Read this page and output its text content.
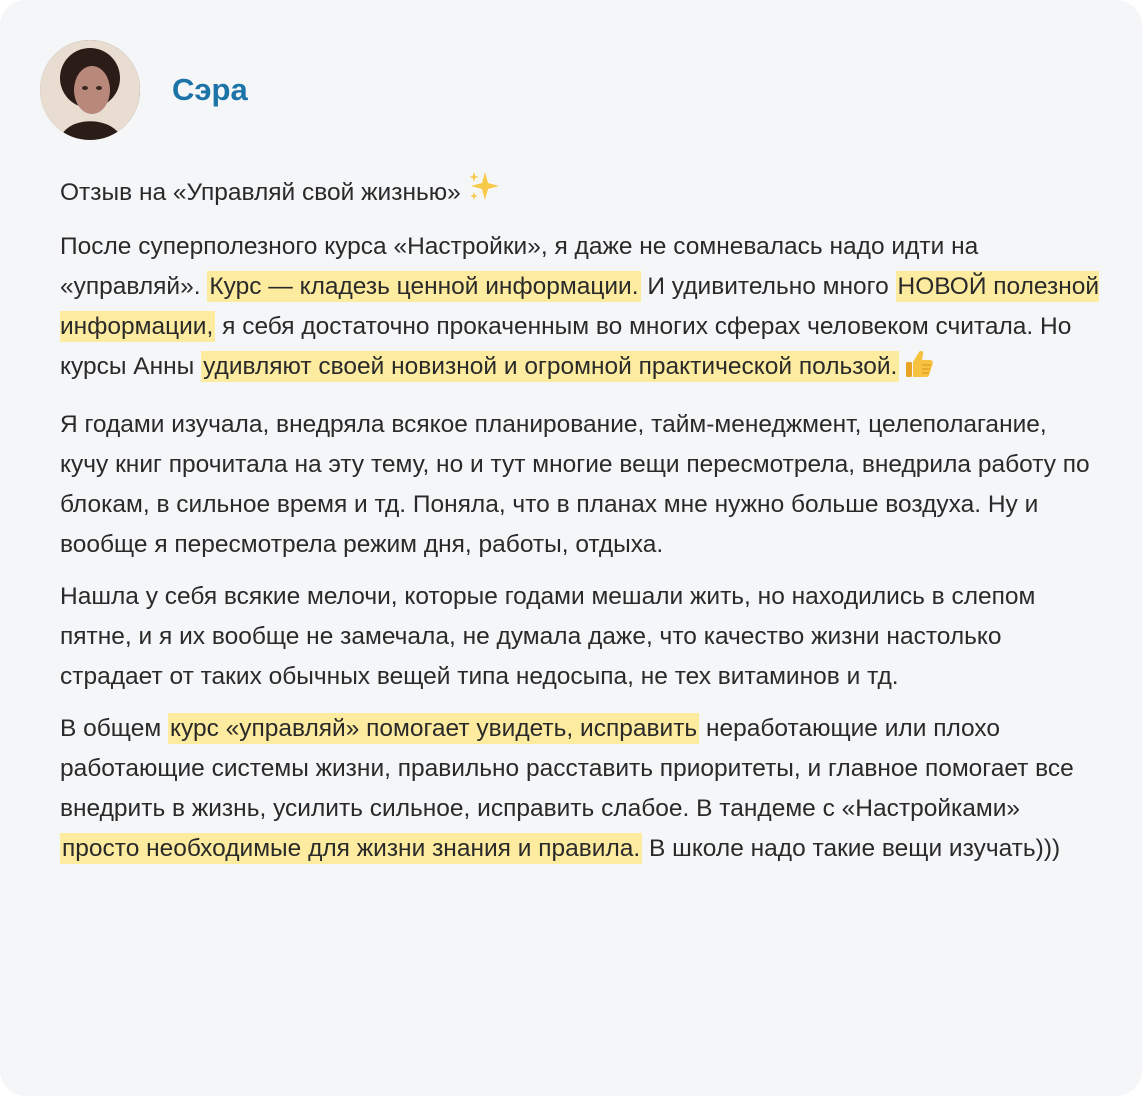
Сэра

Отзыв на «Управляй свой жизнью»

После суперполезного курса «Настройки», я даже не сомневалась надо идти на «управляй». Курс — кладезь ценной информации. И удивительно много НОВОЙ полезной информации, я себя достаточно прокаченным во многих сферах человеком считала. Но курсы Анны удивляют своей новизной и огромной практической пользой.

Я годами изучала, внедряла всякое планирование, тайм-менеджмент, целеполагание, кучу книг прочитала на эту тему, но и тут многие вещи пересмотрела, внедрила работу по блокам, в сильное время и тд. Поняла, что в планах мне нужно больше воздуха. Ну и вообще я пересмотрела режим дня, работы, отдыха.

Нашла у себя всякие мелочи, которые годами мешали жить, но находились в слепом пятне, и я их вообще не замечала, не думала даже, что качество жизни настолько страдает от таких обычных вещей типа недосыпа, не тех витаминов и тд.

В общем курс «управляй» помогает увидеть, исправить неработающие или плохо работающие системы жизни, правильно расставить приоритеты, и главное помогает все внедрить в жизнь, усилить сильное, исправить слабое. В тандеме с «Настройками» просто необходимые для жизни знания и правила. В школе надо такие вещи изучать)))
